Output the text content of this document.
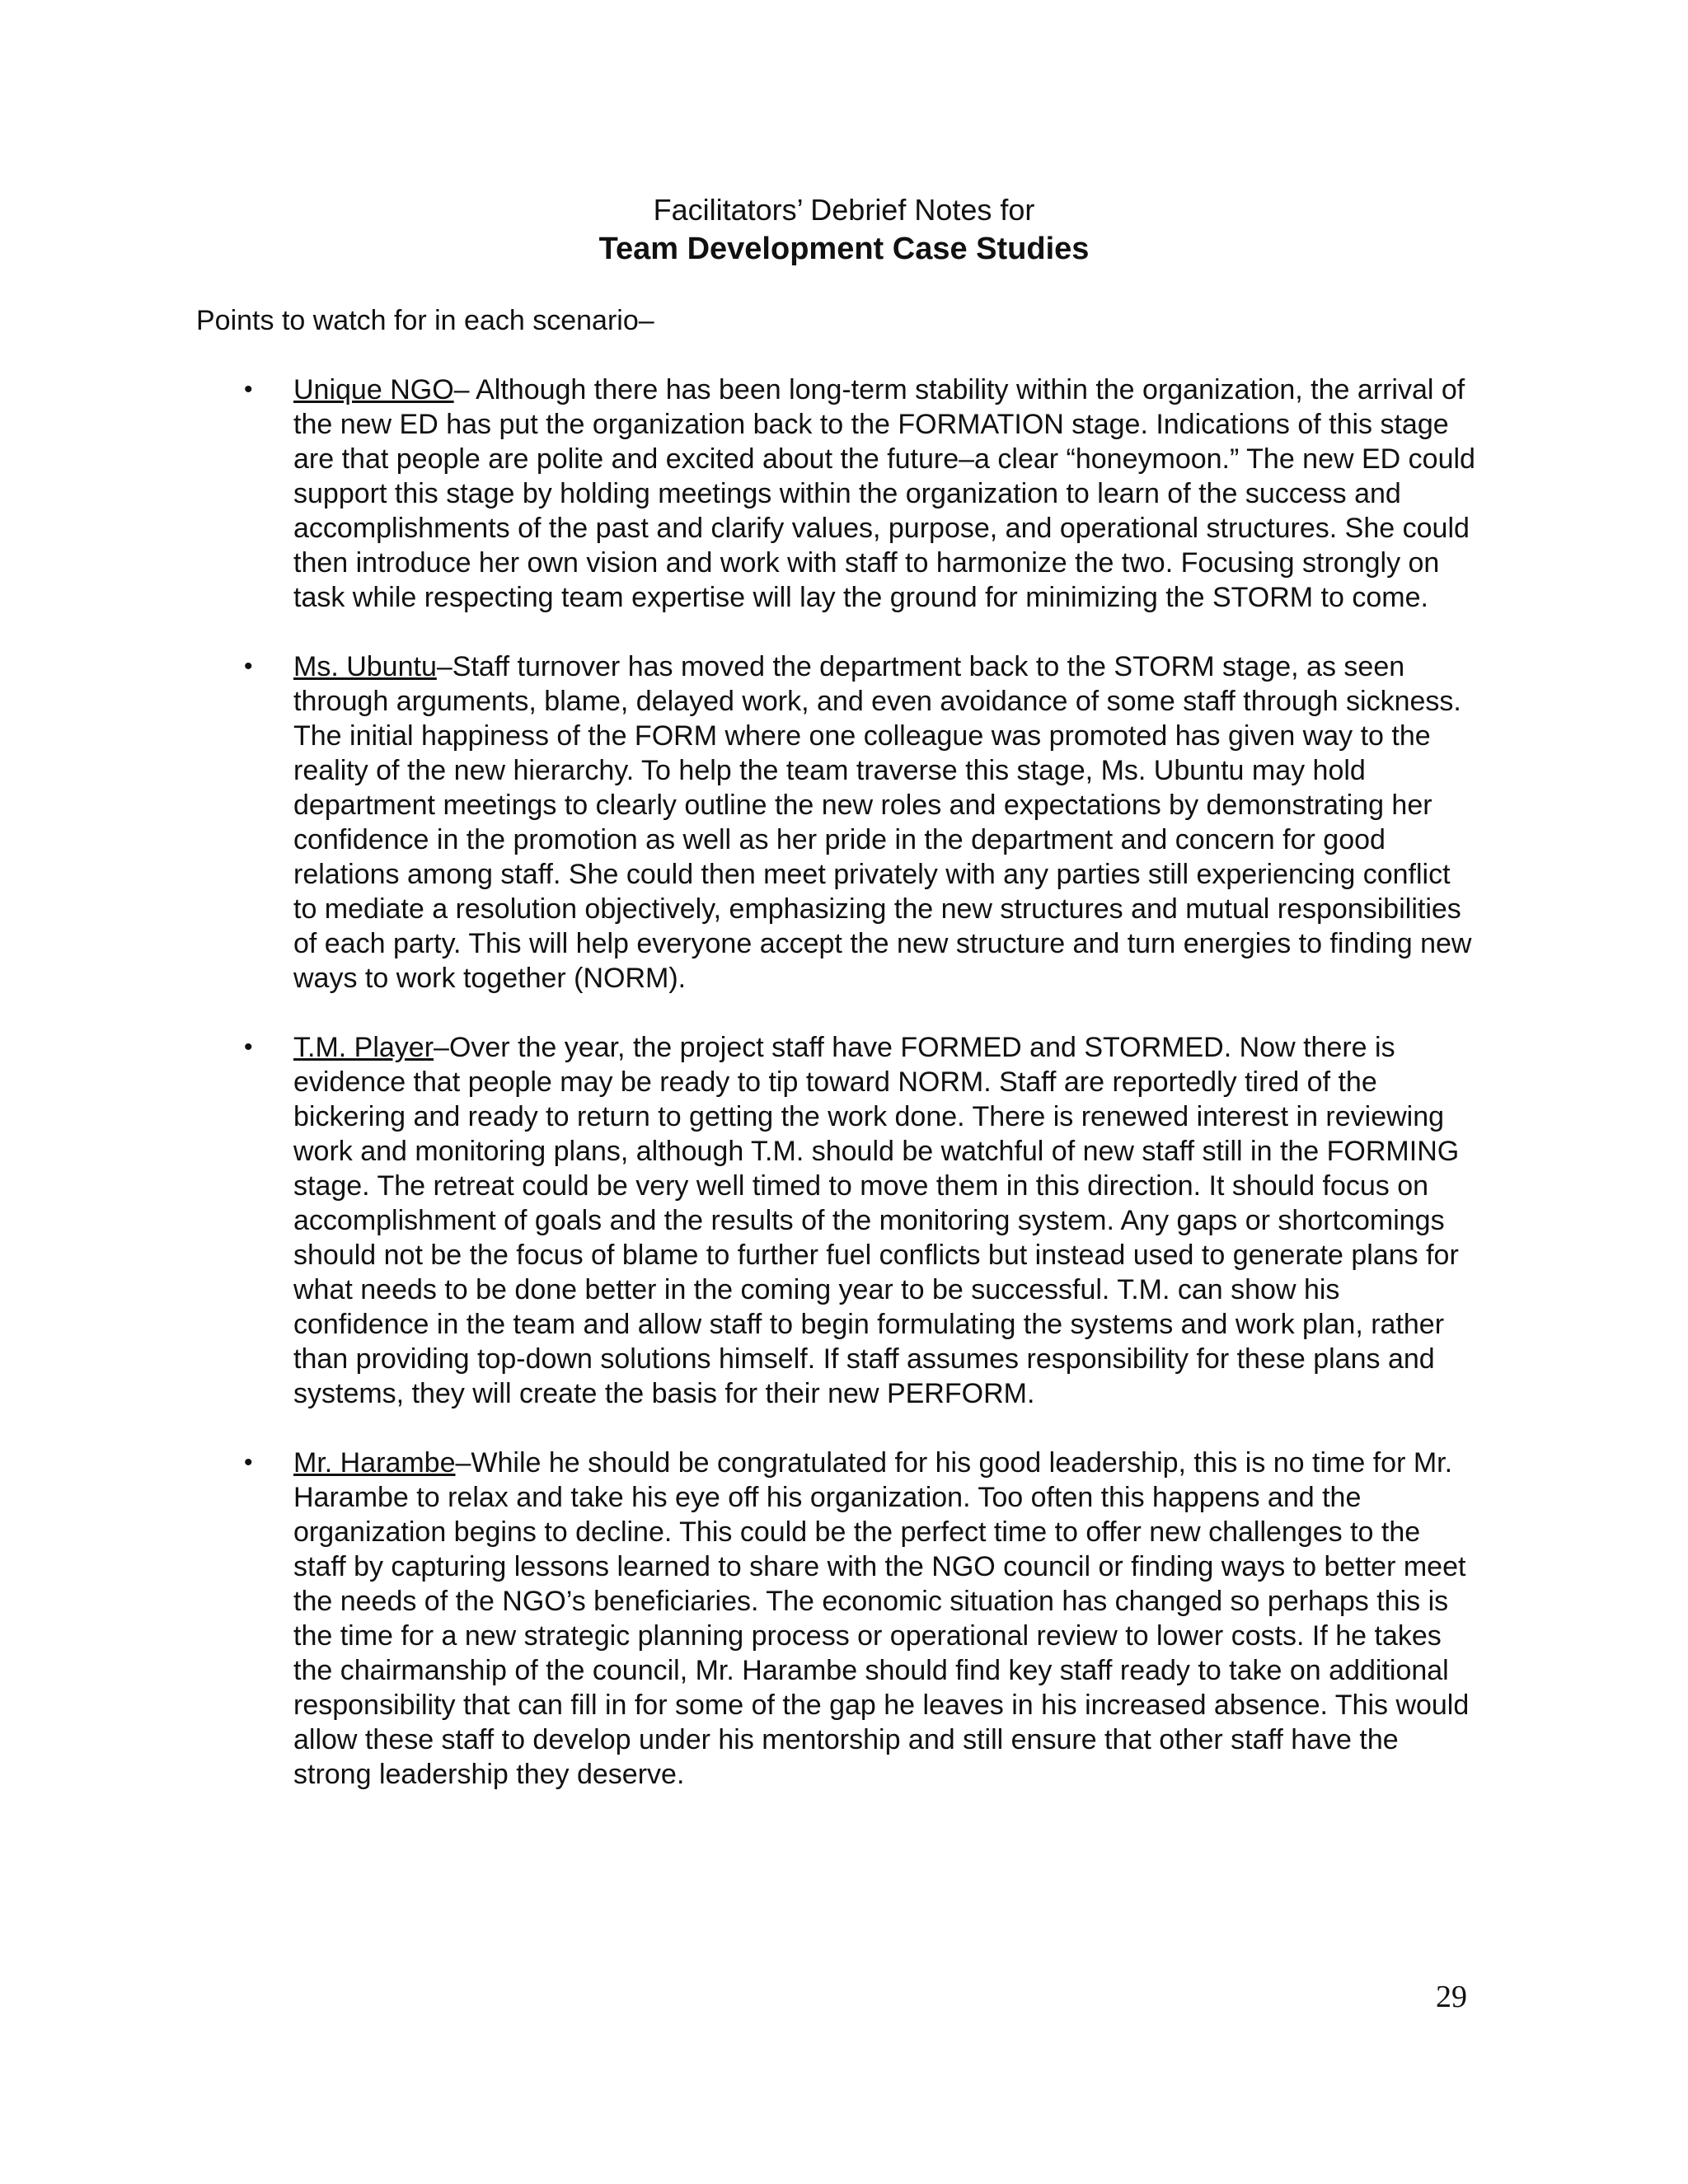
Facilitators’ Debrief Notes for
Team Development Case Studies
Points to watch for in each scenario–
•	Unique NGO– Although there has been long-term stability within the organization, the arrival of the new ED has put the organization back to the FORMATION stage. Indications of this stage are that people are polite and excited about the future–a clear “honeymoon.” The new ED could support this stage by holding meetings within the organization to learn of the success and accomplishments of the past and clarify values, purpose, and operational structures. She could then introduce her own vision and work with staff to harmonize the two. Focusing strongly on task while respecting team expertise will lay the ground for minimizing the STORM to come.
•	Ms. Ubuntu–Staff turnover has moved the department back to the STORM stage, as seen through arguments, blame, delayed work, and even avoidance of some staff through sickness. The initial happiness of the FORM where one colleague was promoted has given way to the reality of the new hierarchy. To help the team traverse this stage, Ms. Ubuntu may hold department meetings to clearly outline the new roles and expectations by demonstrating her confidence in the promotion as well as her pride in the department and concern for good relations among staff. She could then meet privately with any parties still experiencing conflict to mediate a resolution objectively, emphasizing the new structures and mutual responsibilities of each party. This will help everyone accept the new structure and turn energies to finding new ways to work together (NORM).
•	T.M. Player–Over the year, the project staff have FORMED and STORMED. Now there is evidence that people may be ready to tip toward NORM. Staff are reportedly tired of the bickering and ready to return to getting the work done. There is renewed interest in reviewing work and monitoring plans, although T.M. should be watchful of new staff still in the FORMING stage. The retreat could be very well timed to move them in this direction. It should focus on accomplishment of goals and the results of the monitoring system. Any gaps or shortcomings should not be the focus of blame to further fuel conflicts but instead used to generate plans for what needs to be done better in the coming year to be successful. T.M. can show his confidence in the team and allow staff to begin formulating the systems and work plan, rather than providing top-down solutions himself. If staff assumes responsibility for these plans and systems, they will create the basis for their new PERFORM.
•	Mr. Harambe–While he should be congratulated for his good leadership, this is no time for Mr. Harambe to relax and take his eye off his organization. Too often this happens and the organization begins to decline. This could be the perfect time to offer new challenges to the staff by capturing lessons learned to share with the NGO council or finding ways to better meet the needs of the NGO’s beneficiaries. The economic situation has changed so perhaps this is the time for a new strategic planning process or operational review to lower costs. If he takes the chairmanship of the council, Mr. Harambe should find key staff ready to take on additional responsibility that can fill in for some of the gap he leaves in his increased absence. This would allow these staff to develop under his mentorship and still ensure that other staff have the strong leadership they deserve.
29
